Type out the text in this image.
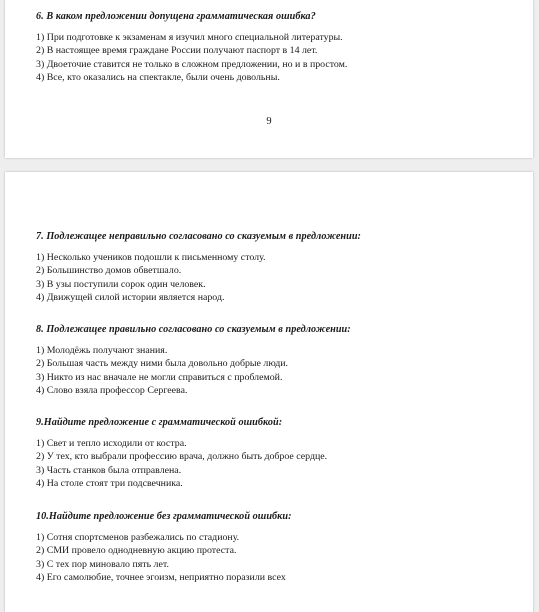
6. В каком предложении допущена грамматическая ошибка?
1) При подготовке к экзаменам я изучил много специальной литературы.
2) В настоящее время граждане России получают паспорт в 14 лет.
3) Двоеточие ставится не только в сложном предложении, но и в простом.
4) Все, кто оказались на спектакле, были очень довольны.
9
7. Подлежащее неправильно согласовано со сказуемым в предложении:
1) Несколько учеников подошли к письменному столу.
2) Большинство домов обветшало.
3) В узы поступили сорок один человек.
4) Движущей силой истории является народ.
8. Подлежащее правильно согласовано со сказуемым в предложении:
1) Молодёжь получают знания.
2) Большая часть между ними была довольно добрые люди.
3) Никто из нас вначале не могли справиться с проблемой.
4) Слово взяла профессор Сергеева.
9.Найдите предложение с грамматической ошибкой:
1) Свет и тепло исходили от костра.
2) У тех, кто выбрали профессию врача, должно быть доброе сердце.
3) Часть станков была отправлена.
4) На столе стоят три подсвечника.
10.Найдите предложение без грамматической ошибки:
1) Сотня спортсменов разбежались по стадиону.
2) СМИ провело однодневную акцию протеста.
3) С тех пор миновало пять лет.
4) Его самолюбие, точнее эгоизм, неприятно поразили всех
